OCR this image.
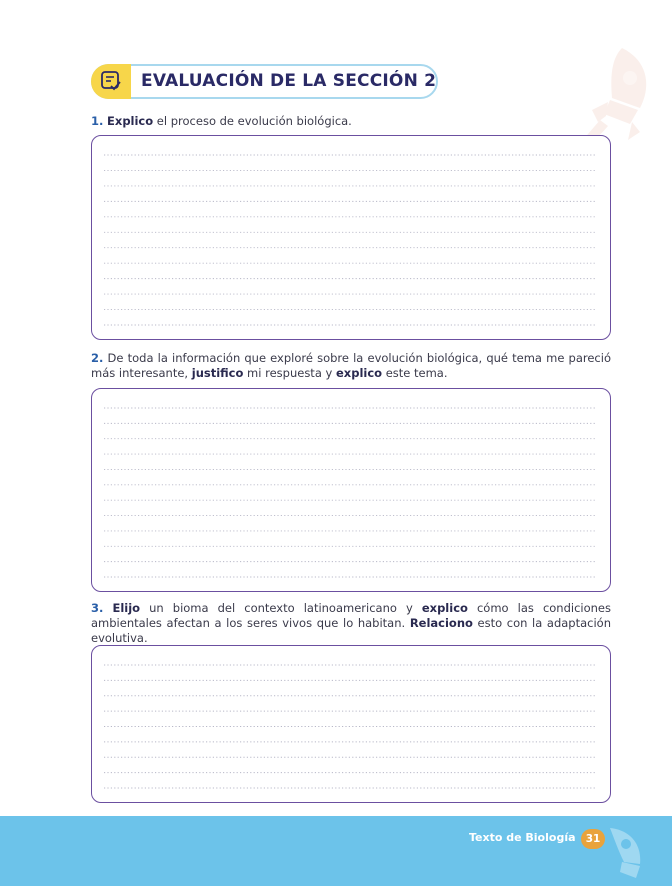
EVALUACIÓN DE LA SECCIÓN 2
1. Explico el proceso de evolución biológica.
2. De toda la información que exploré sobre la evolución biológica, qué tema me pareció más interesante, justifico mi respuesta y explico este tema.
3. Elijo un bioma del contexto latinoamericano y explico cómo las condiciones ambientales afectan a los seres vivos que lo habitan. Relaciono esto con la adaptación evolutiva.
Texto de Biología 31
